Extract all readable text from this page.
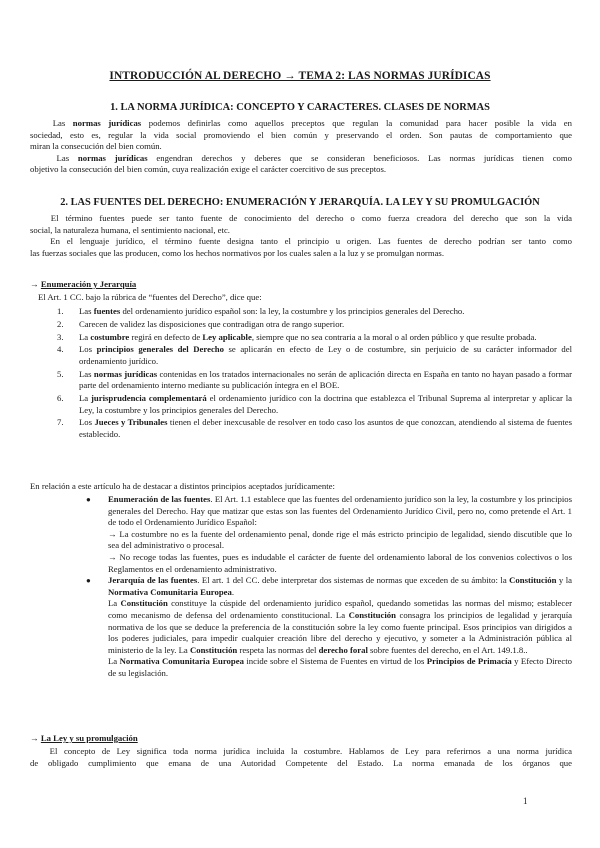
INTRODUCCIÓN AL DERECHO → TEMA 2: LAS NORMAS JURÍDICAS
1. LA NORMA JURÍDICA: CONCEPTO Y CARACTERES. CLASES DE NORMAS
Las normas jurídicas podemos definirlas como aquellos preceptos que regulan la comunidad para hacer posible la vida en
sociedad, esto es, regular la vida social promoviendo el bien común y preservando el orden. Son pautas de comportamiento que
miran la consecución del bien común.
Las normas jurídicas engendran derechos y deberes que se consideran beneficiosos. Las normas jurídicas tienen como
objetivo la consecución del bien común, cuya realización exige el carácter coercitivo de sus preceptos.
2. LAS FUENTES DEL DERECHO: ENUMERACIÓN Y JERARQUÍA. LA LEY Y SU PROMULGACIÓN
El término fuentes puede ser tanto fuente de conocimiento del derecho o como fuerza creadora del derecho que son la vida
social, la naturaleza humana, el sentimiento nacional, etc.
En el lenguaje jurídico, el término fuente designa tanto el principio u origen. Las fuentes de derecho podrían ser tanto como
las fuerzas sociales que las producen, como los hechos normativos por los cuales salen a la luz y se promulgan normas.
→ Enumeración y Jerarquía
El Art. 1 CC. bajo la rúbrica de “fuentes del Derecho”, dice que:
1. Las fuentes del ordenamiento jurídico español son: la ley, la costumbre y los principios generales del Derecho.
2. Carecen de validez las disposiciones que contradigan otra de rango superior.
3. La costumbre regirá en defecto de Ley aplicable, siempre que no sea contraria a la moral o al orden público y que resulte probada.
4. Los principios generales del Derecho se aplicarán en efecto de Ley o de costumbre, sin perjuicio de su carácter informador del ordenamiento jurídico.
5. Las normas jurídicas contenidas en los tratados internacionales no serán de aplicación directa en España en tanto no hayan pasado a formar parte del ordenamiento interno mediante su publicación íntegra en el BOE.
6. La jurisprudencia complementará el ordenamiento jurídico con la doctrina que establezca el Tribunal Suprema al interpretar y aplicar la Ley, la costumbre y los principios generales del Derecho.
7. Los Jueces y Tribunales tienen el deber inexcusable de resolver en todo caso los asuntos de que conozcan, atendiendo al sistema de fuentes establecido.
En relación a este artículo ha de destacar a distintos principios aceptados jurídicamente:
● Enumeración de las fuentes. El Art. 1.1 establece que las fuentes del ordenamiento jurídico son la ley, la costumbre y los principios generales del Derecho. Hay que matizar que estas son las fuentes del Ordenamiento Jurídico Civil, pero no, como pretende el Art. 1 de todo el Ordenamiento Jurídico Español:
→ La costumbre no es la fuente del ordenamiento penal, donde rige el más estricto principio de legalidad, siendo discutible que lo sea del administrativo o procesal.
→ No recoge todas las fuentes, pues es indudable el carácter de fuente del ordenamiento laboral de los convenios colectivos o los Reglamentos en el ordenamiento administrativo.
● Jerarquía de las fuentes. El art. 1 del CC. debe interpretar dos sistemas de normas que exceden de su ámbito: la Constitución y la Normativa Comunitaria Europea.
La Constitución constituye la cúspide del ordenamiento jurídico español, quedando sometidas las normas del mismo; establecer como mecanismo de defensa del ordenamiento constitucional. La Constitución consagra los principios de legalidad y jerarquía normativa de los que se deduce la preferencia de la constitución sobre la ley como fuente principal. Esos principios van dirigidos a los poderes judiciales, para impedir cualquier creación libre del derecho y ejecutivo, y someter a la Administración pública al ministerio de la ley. La Constitución respeta las normas del derecho foral sobre fuentes del derecho, en el Art. 149.1.8..
La Normativa Comunitaria Europea incide sobre el Sistema de Fuentes en virtud de los Principios de Primacía y Efecto Directo de su legislación.
→ La Ley y su promulgación
El concepto de Ley significa toda norma jurídica incluida la costumbre. Hablamos de Ley para referirnos a una norma jurídica
de obligado cumplimiento que emana de una Autoridad Competente del Estado. La norma emanada de los órganos que
1
